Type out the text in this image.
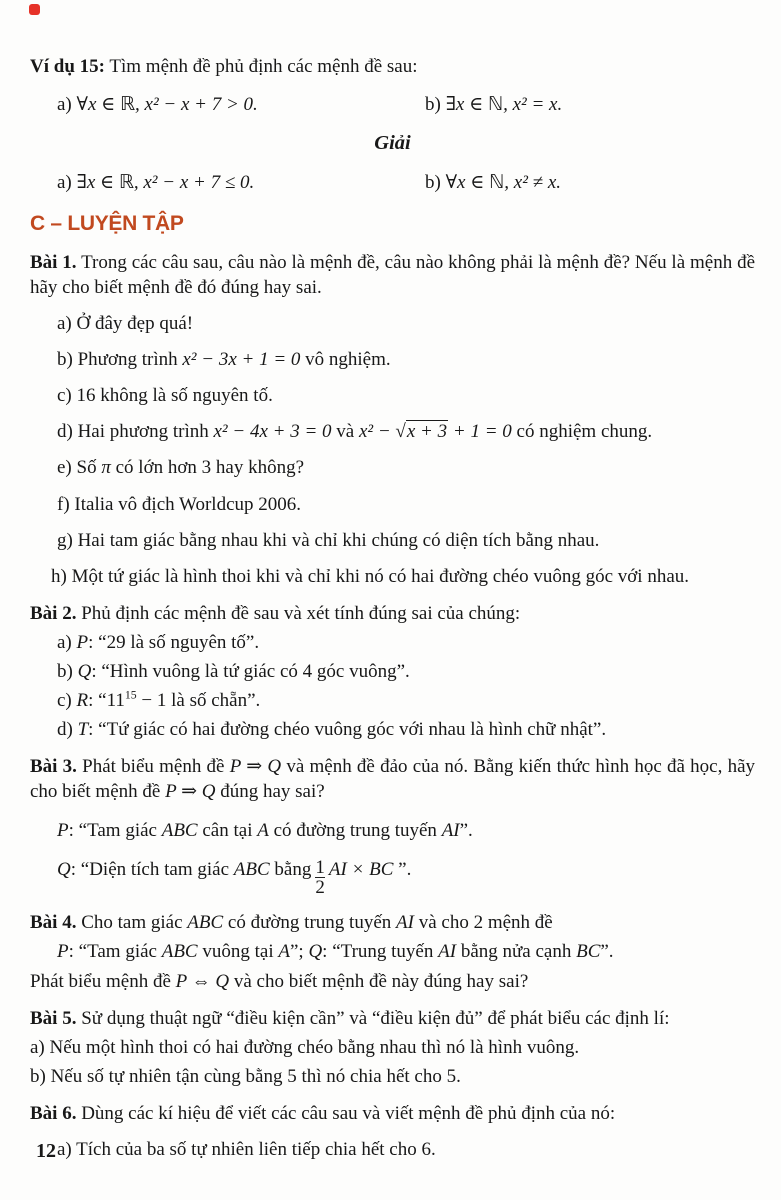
Ví dụ 15: Tìm mệnh đề phủ định các mệnh đề sau:
a) ∀x ∈ ℝ, x² − x + 7 > 0.	b) ∃x ∈ ℕ, x² = x.
Giải
a) ∃x ∈ ℝ, x² − x + 7 ≤ 0.	b) ∀x ∈ ℕ, x² ≠ x.
C – LUYỆN TẬP
Bài 1. Trong các câu sau, câu nào là mệnh đề, câu nào không phải là mệnh đề? Nếu là mệnh đề hãy cho biết mệnh đề đó đúng hay sai.
a) Ở đây đẹp quá!
b) Phương trình x² − 3x + 1 = 0 vô nghiệm.
c) 16 không là số nguyên tố.
d) Hai phương trình x² − 4x + 3 = 0 và x² − √x + 3 + 1 = 0 có nghiệm chung.
e) Số π có lớn hơn 3 hay không?
f) Italia vô địch Worldcup 2006.
g) Hai tam giác bằng nhau khi và chỉ khi chúng có diện tích bằng nhau.
h) Một tứ giác là hình thoi khi và chỉ khi nó có hai đường chéo vuông góc với nhau.
Bài 2. Phủ định các mệnh đề sau và xét tính đúng sai của chúng:
a) P: “29 là số nguyên tố”.
b) Q: “Hình vuông là tứ giác có 4 góc vuông”.
c) R: “$11^{15} - 1$ là số chẵn”.
d) T: “Tứ giác có hai đường chéo vuông góc với nhau là hình chữ nhật”.
Bài 3. Phát biểu mệnh đề P ⇒ Q và mệnh đề đảo của nó. Bằng kiến thức hình học đã học, hãy cho biết mệnh đề P ⇒ Q đúng hay sai?
P: “Tam giác ABC cân tại A có đường trung tuyến AI”.
Q: “Diện tích tam giác ABC bằng $\frac{1}{2}$ AI × BC ”.
Bài 4. Cho tam giác ABC có đường trung tuyến AI và cho 2 mệnh đề
P: “Tam giác ABC vuông tại A”; Q: “Trung tuyến AI bằng nửa cạnh BC”.
Phát biểu mệnh đề P ⇔ Q và cho biết mệnh đề này đúng hay sai?
Bài 5. Sử dụng thuật ngữ “điều kiện cần” và “điều kiện đủ” để phát biểu các định lí:
a) Nếu một hình thoi có hai đường chéo bằng nhau thì nó là hình vuông.
b) Nếu số tự nhiên tận cùng bằng 5 thì nó chia hết cho 5.
Bài 6. Dùng các kí hiệu để viết các câu sau và viết mệnh đề phủ định của nó:
a) Tích của ba số tự nhiên liên tiếp chia hết cho 6.
12
